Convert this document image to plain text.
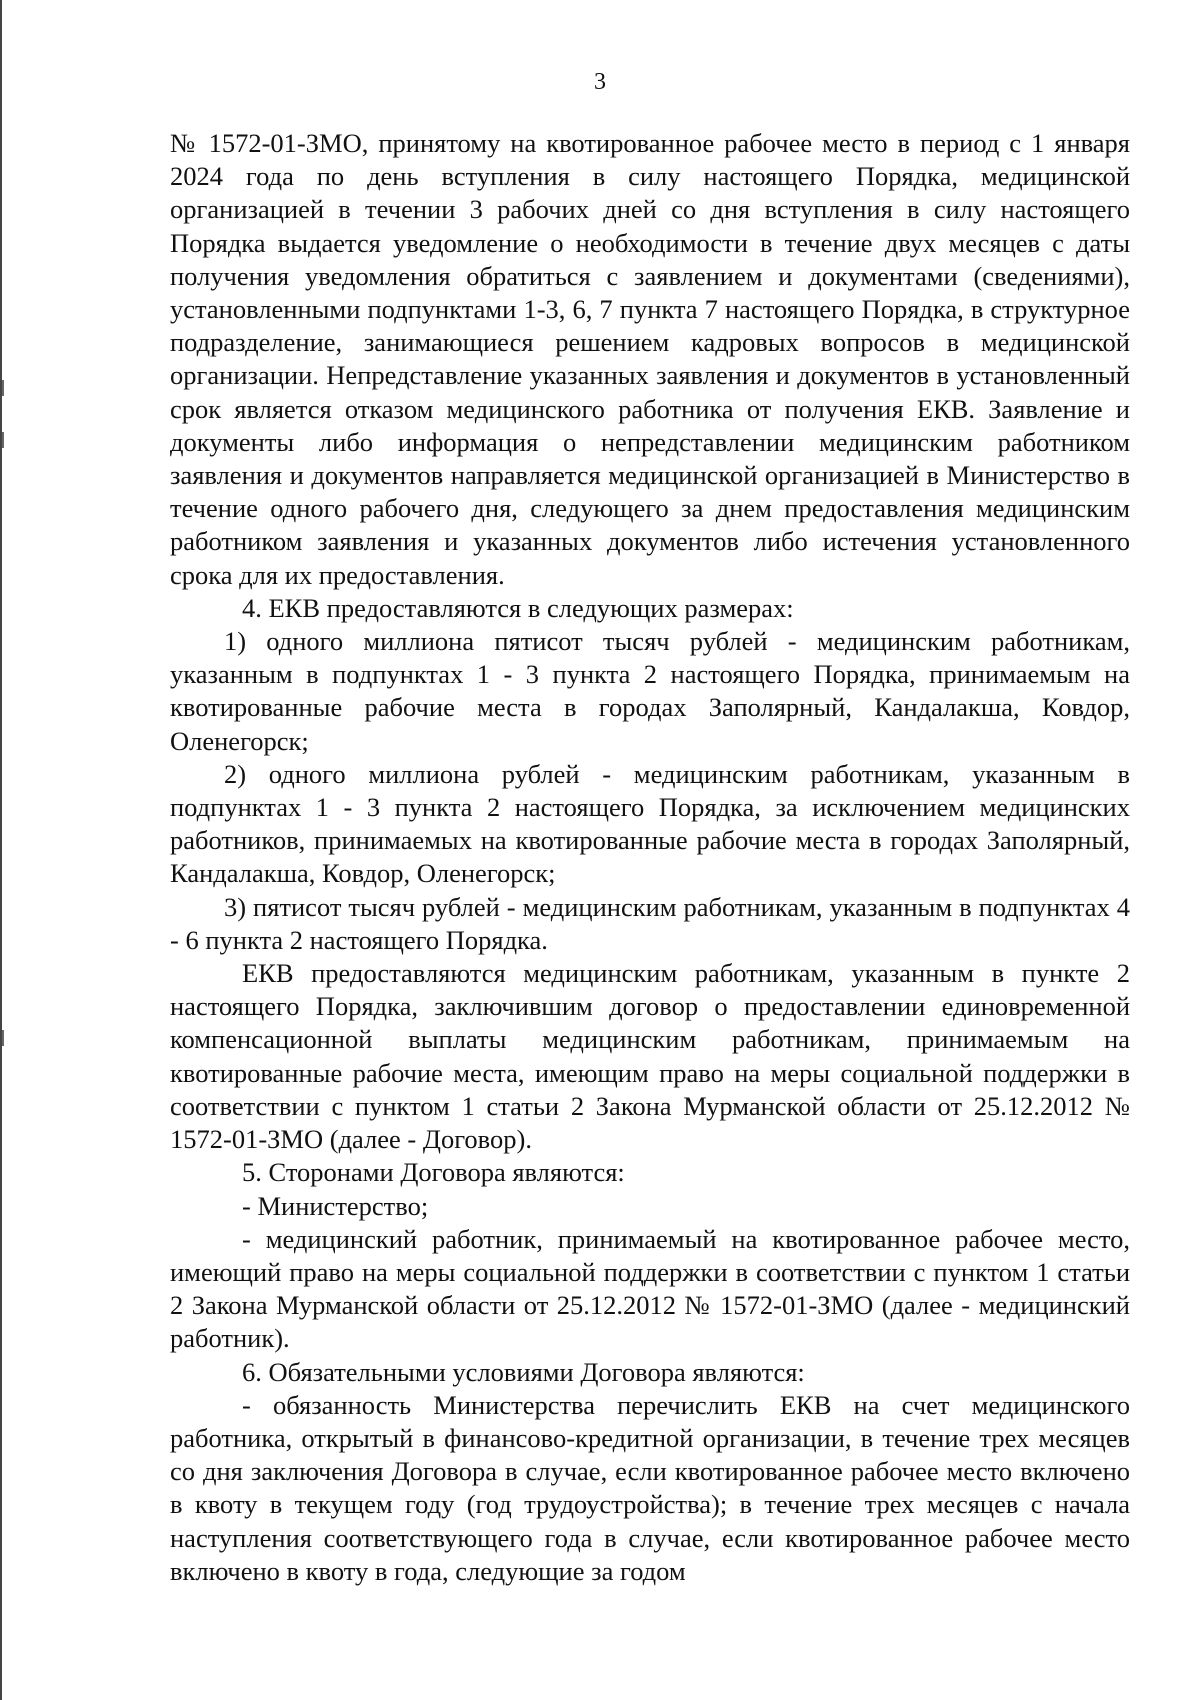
3

№ 1572-01-ЗМО, принятому на квотированное рабочее место в период с 1 января 2024 года по день вступления в силу настоящего Порядка, медицинской организацией в течении 3 рабочих дней со дня вступления в силу настоящего Порядка выдается уведомление о необходимости в течение двух месяцев с даты получения уведомления обратиться с заявлением и документами (сведениями), установленными подпунктами 1-3, 6, 7 пункта 7 настоящего Порядка, в структурное подразделение, занимающиеся решением кадровых вопросов в медицинской организации. Непредставление указанных заявления и документов в установленный срок является отказом медицинского работника от получения ЕКВ. Заявление и документы либо информация о непредставлении медицинским работником заявления и документов направляется медицинской организацией в Министерство в течение одного рабочего дня, следующего за днем предоставления медицинским работником заявления и указанных документов либо истечения установленного срока для их предоставления.

4. ЕКВ предоставляются в следующих размерах:

1) одного миллиона пятисот тысяч рублей - медицинским работникам, указанным в подпунктах 1 - 3 пункта 2 настоящего Порядка, принимаемым на квотированные рабочие места в городах Заполярный, Кандалакша, Ковдор, Оленегорск;

2) одного миллиона рублей - медицинским работникам, указанным в подпунктах 1 - 3 пункта 2 настоящего Порядка, за исключением медицинских работников, принимаемых на квотированные рабочие места в городах Заполярный, Кандалакша, Ковдор, Оленегорск;

3) пятисот тысяч рублей - медицинским работникам, указанным в подпунктах 4 - 6 пункта 2 настоящего Порядка.

ЕКВ предоставляются медицинским работникам, указанным в пункте 2 настоящего Порядка, заключившим договор о предоставлении единовременной компенсационной выплаты медицинским работникам, принимаемым на квотированные рабочие места, имеющим право на меры социальной поддержки в соответствии с пунктом 1 статьи 2 Закона Мурманской области от 25.12.2012 № 1572-01-ЗМО (далее - Договор).

5. Сторонами Договора являются:

- Министерство;

- медицинский работник, принимаемый на квотированное рабочее место, имеющий право на меры социальной поддержки в соответствии с пунктом 1 статьи 2 Закона Мурманской области от 25.12.2012 № 1572-01-ЗМО (далее - медицинский работник).

6. Обязательными условиями Договора являются:

- обязанность Министерства перечислить ЕКВ на счет медицинского работника, открытый в финансово-кредитной организации, в течение трех месяцев со дня заключения Договора в случае, если квотированное рабочее место включено в квоту в текущем году (год трудоустройства); в течение трех месяцев с начала наступления соответствующего года в случае, если квотированное рабочее место включено в квоту в года, следующие за годом
